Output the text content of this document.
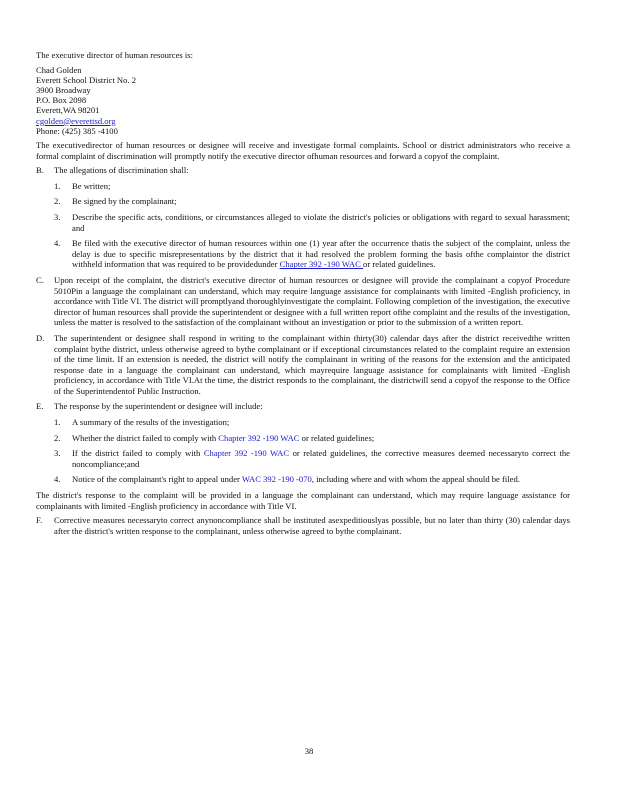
The executive director of human resources is:

Chad Golden
Everett School District No. 2
3900 Broadway
P.O. Box 2098
Everett,WA 98201
cgolden@everettsd.org
Phone: (425) 385 -4100

The executivedirector of human resources or designee will receive and investigate formal complaints. School or district administrators who receive a formal complaint of discrimination will promptly notify the executive director ofhuman resources and forward a copyof the complaint.

B.	The allegations of discrimination shall:
1.	Be written;
2.	Be signed by the complainant;
3.	Describe the specific acts, conditions, or circumstances alleged to violate the district's policies or obligations with regard to sexual harassment; and
4.	Be filed with the executive director of human resources within one (1) year after the occurrence thatis the subject of the complaint, unless the delay is due to specific misrepresentations by the district that it had resolved the problem forming the basis ofthe complaintor the district withheld information that was required to be providedunder Chapter 392 -190 WAC or related guidelines.
C.	Upon receipt of the complaint, the district's executive director of human resources or designee will provide the complainant a copyof Procedure 5010Pin a language the complainant can understand, which may require language assistance for complainants with limited -English proficiency, in accordance with Title VI. The district will promptlyand thoroughlyinvestigate the complaint. Following completion of the investigation, the executive director of human resources shall provide the superintendent or designee with a full written report ofthe complaint and the results of the investigation, unless the matter is resolved to the satisfaction of the complainant without an investigation or prior to the submission of a written report.
D.	The superintendent or designee shall respond in writing to the complainant within thirty(30) calendar days after the district receivedthe written complaint bythe district, unless otherwise agreed to bythe complainant or if exceptional circumstances related to the complaint require an extension of the time limit. If an extension is needed, the district will notify the complainant in writing of the reasons for the extension and the anticipated response date in a language the complainant can understand, which mayrequire language assistance for complainants with limited -English proficiency, in accordance with Title VI.At the time, the district responds to the complainant, the districtwill send a copyof the response to the Office of the Superintendentof Public Instruction.
E.	The response by the superintendent or designee will include:
1.	A summary of the results of the investigation;
2.	Whether the district failed to comply with Chapter 392 -190 WAC or related guidelines;
3.	If the district failed to comply with Chapter 392 -190 WAC or related guidelines, the corrective measures deemed necessaryto correct the noncompliance;and
4.	Notice of the complainant's right to appeal under WAC 392 -190 -070, including where and with whom the appeal should be filed.

The district's response to the complaint will be provided in a language the complainant can understand, which may require language assistance for complainants with limited -English proficiency in accordance with Title VI.

F.	Corrective measures necessaryto correct anynoncompliance shall be instituted asexpeditiouslyas possible, but no later than thirty (30) calendar days after the district's written response to the complainant, unless otherwise agreed to bythe complainant.
38
